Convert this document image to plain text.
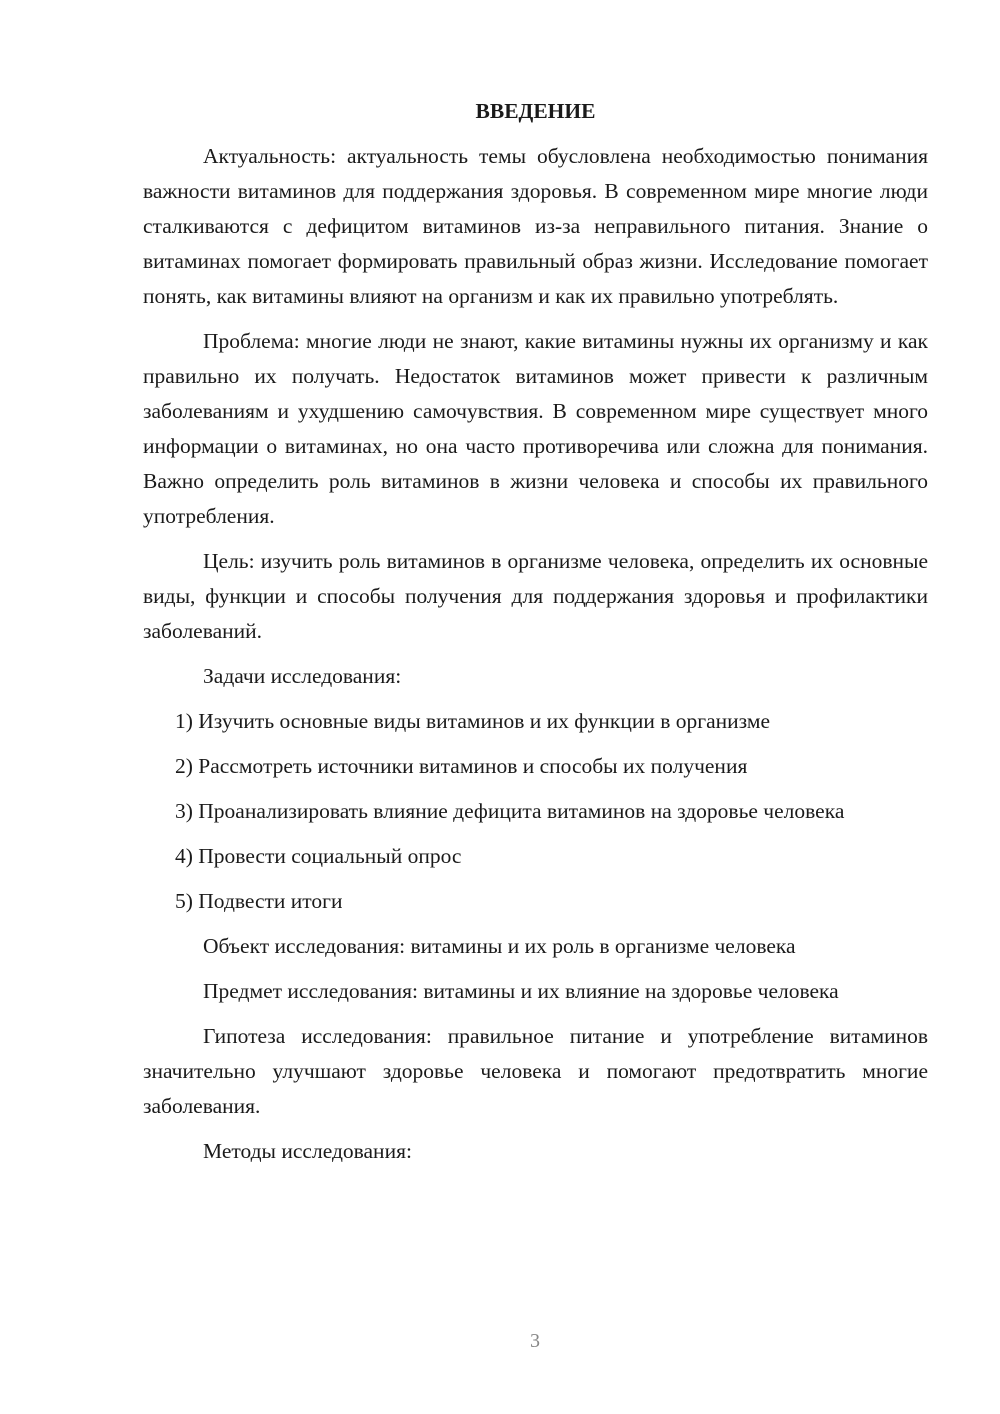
ВВЕДЕНИЕ

Актуальность: актуальность темы обусловлена необходимостью понимания важности витаминов для поддержания здоровья. В современном мире многие люди сталкиваются с дефицитом витаминов из-за неправильного питания. Знание о витаминах помогает формировать правильный образ жизни. Исследование помогает понять, как витамины влияют на организм и как их правильно употреблять.

Проблема: многие люди не знают, какие витамины нужны их организму и как правильно их получать. Недостаток витаминов может привести к различным заболеваниям и ухудшению самочувствия. В современном мире существует много информации о витаминах, но она часто противоречива или сложна для понимания. Важно определить роль витаминов в жизни человека и способы их правильного употребления.

Цель: изучить роль витаминов в организме человека, определить их основные виды, функции и способы получения для поддержания здоровья и профилактики заболеваний.

Задачи исследования:

1) Изучить основные виды витаминов и их функции в организме

2) Рассмотреть источники витаминов и способы их получения

3) Проанализировать влияние дефицита витаминов на здоровье человека

4) Провести социальный опрос

5) Подвести итоги

Объект исследования: витамины и их роль в организме человека

Предмет исследования: витамины и их влияние на здоровье человека

Гипотеза исследования: правильное питание и употребление витаминов значительно улучшают здоровье человека и помогают предотвратить многие заболевания.

Методы исследования:

3
